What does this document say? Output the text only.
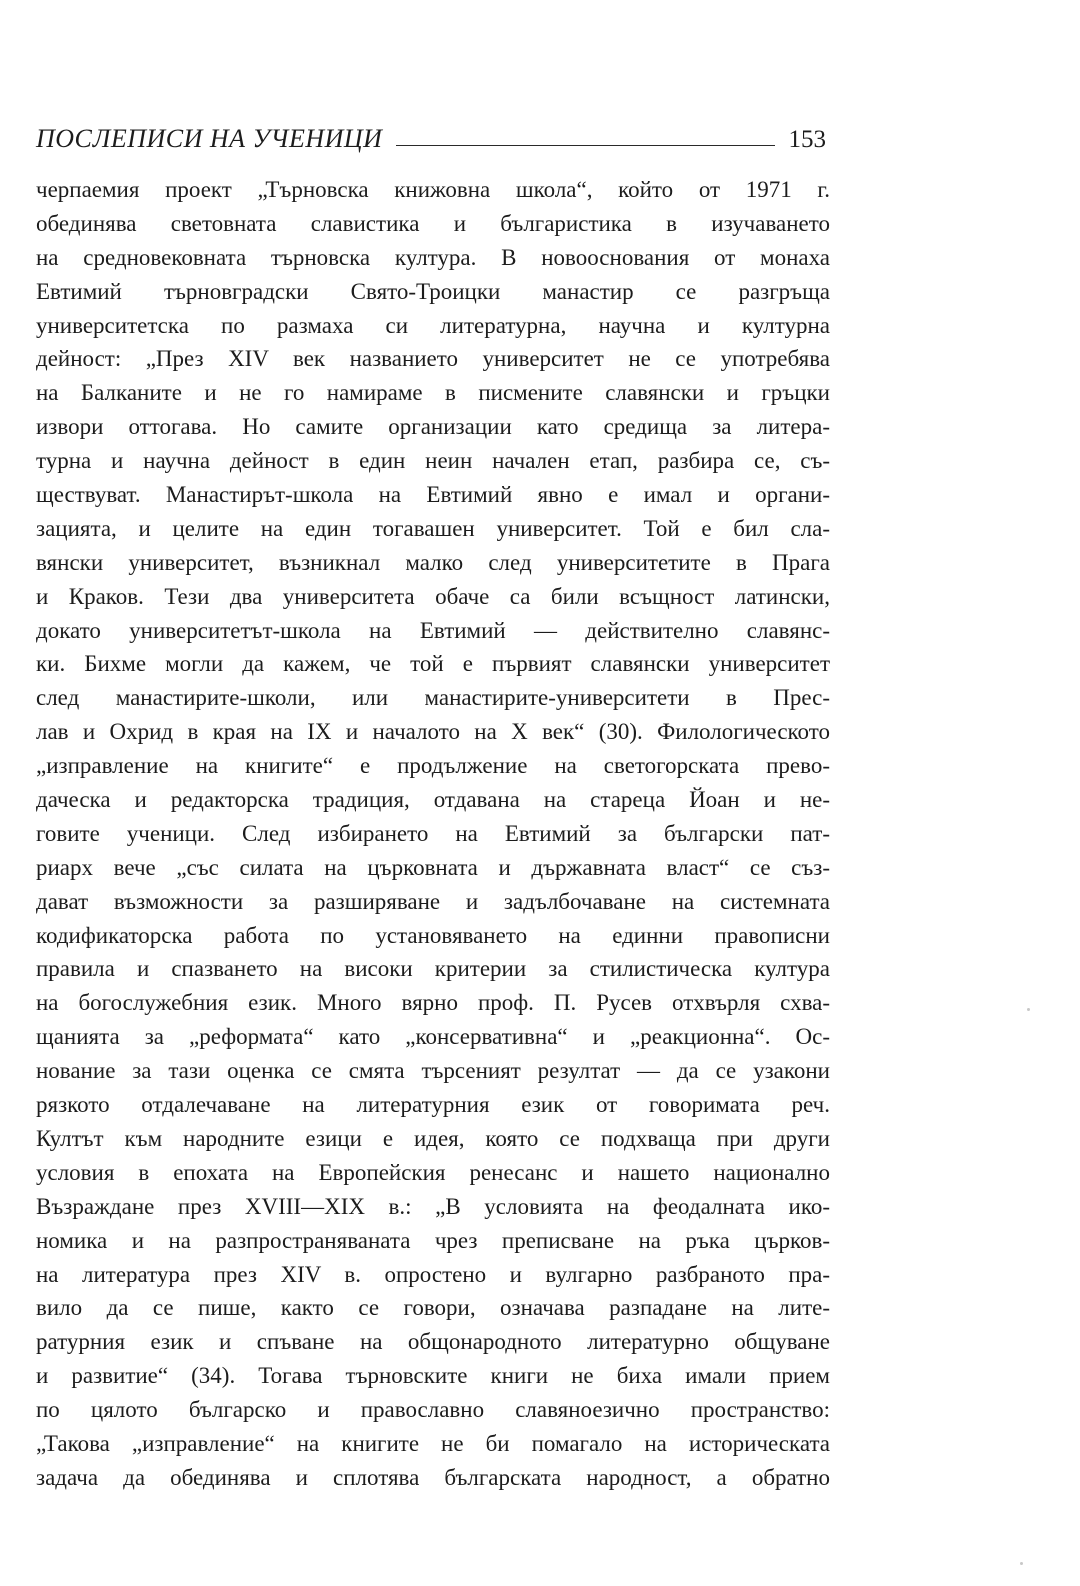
ПОСЛЕПИСИ НА УЧЕНИЦИ	153
черпаемия проект „Търновска книжовна школа“, който от 1971 г.
обединява световната славистика и българистика в изучаването
на средновековната търновска култура. В новооснования от монаха
Евтимий търновградски Свято-Троицки манастир се разгръща
университетска по размаха си литературна, научна и културна
дейност: „През XIV век названието университет не се употребява
на Балканите и не го намираме в писмените славянски и гръцки
извори оттогава. Но самите организации като средища за литера-
турна и научна дейност в един неин начален етап, разбира се, съ-
ществуват. Манастирът-школа на Евтимий явно е имал и органи-
зацията, и целите на един тогавашен университет. Той е бил сла-
вянски университет, възникнал малко след университетите в Прага
и Краков. Тези два университета обаче са били всъщност латински,
докато университетът-школа на Евтимий — действително славянс-
ки. Бихме могли да кажем, че той е първият славянски университет
след манастирите-школи, или манастирите-университети в Прес-
лав и Охрид в края на IX и началото на X век“ (30). Филологическото
„изправление на книгите“ е продължение на светогорската прево-
даческа и редакторска традиция, отдавана на стареца Йоан и не-
говите ученици. След избирането на Евтимий за български пат-
риарх вече „със силата на църковната и държавната власт“ се съз-
дават възможности за разширяване и задълбочаване на системната
кодификаторска работа по установяването на единни правописни
правила и спазването на високи критерии за стилистическа култура
на богослужебния език. Много вярно проф. П. Русев отхвърля схва-
щанията за „реформата“ като „консервативна“ и „реакционна“. Ос-
нование за тази оценка се смята търсеният резултат — да се узакони
рязкото отдалечаване на литературния език от говоримата реч.
Култът към народните езици е идея, която се подхваща при други
условия в епохата на Европейския ренесанс и нашето национално
Възраждане през XVIII—XIX в.: „В условията на феодалната ико-
номика и на разпространяваната чрез преписване на ръка църков-
на литература през XIV в. опростено и вулгарно разбраното пра-
вило да се пише, както се говори, означава разпадане на лите-
ратурния език и спъване на общонародното литературно общуване
и развитие“ (34). Тогава търновските книги не биха имали прием
по цялото българско и православно славяноезично пространство:
„Такова „изправление“ на книгите не би помагало на историческата
задача да обединява и сплотява българската народност, а обратно
